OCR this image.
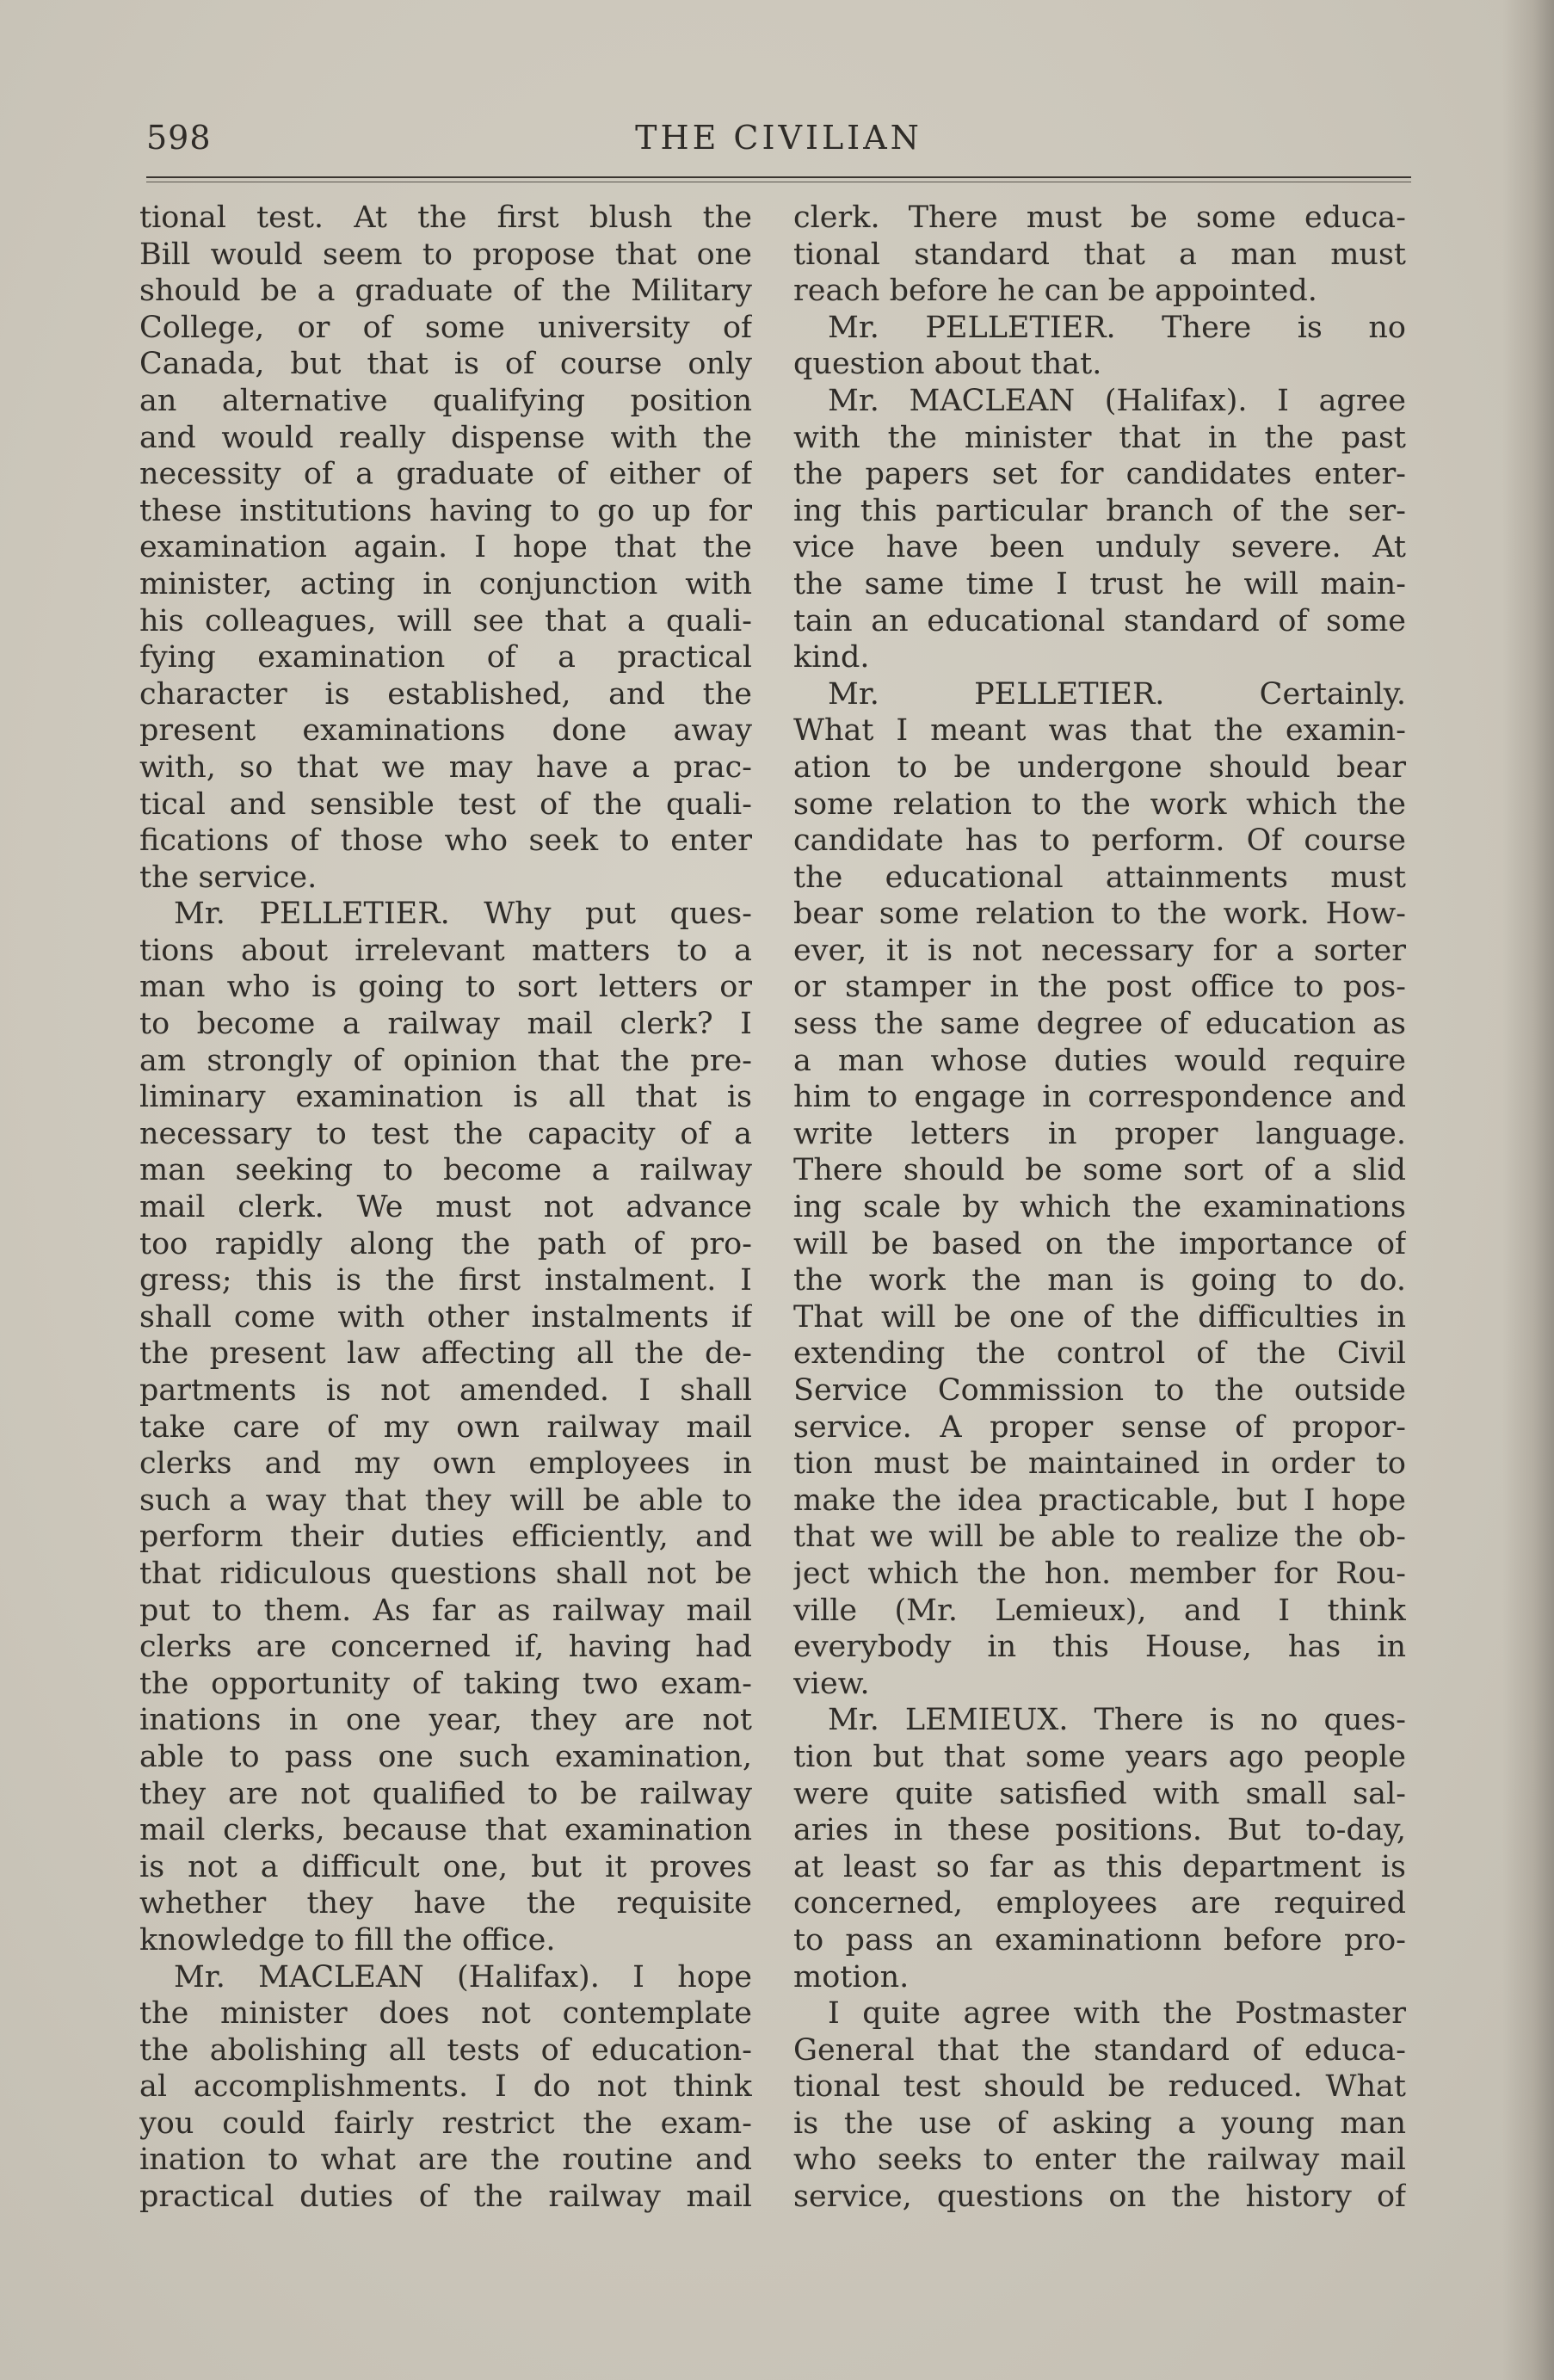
598	THE CIVILIAN
tional test. At the first blush the
Bill would seem to propose that one
should be a graduate of the Military
College, or of some university of
Canada, but that is of course only
an alternative qualifying position
and would really dispense with the
necessity of a graduate of either of
these institutions having to go up for
examination again. I hope that the
minister, acting in conjunction with
his colleagues, will see that a quali-
fying examination of a practical
character is established, and the
present examinations done away
with, so that we may have a prac-
tical and sensible test of the quali-
fications of those who seek to enter
the service.
Mr. PELLETIER. Why put ques-
tions about irrelevant matters to a
man who is going to sort letters or
to become a railway mail clerk? I
am strongly of opinion that the pre-
liminary examination is all that is
necessary to test the capacity of a
man seeking to become a railway
mail clerk. We must not advance
too rapidly along the path of pro-
gress; this is the first instalment. I
shall come with other instalments if
the present law affecting all the de-
partments is not amended. I shall
take care of my own railway mail
clerks and my own employees in
such a way that they will be able to
perform their duties efficiently, and
that ridiculous questions shall not be
put to them. As far as railway mail
clerks are concerned if, having had
the opportunity of taking two exam-
inations in one year, they are not
able to pass one such examination,
they are not qualified to be railway
mail clerks, because that examination
is not a difficult one, but it proves
whether they have the requisite
knowledge to fill the office.
Mr. MACLEAN (Halifax). I hope
the minister does not contemplate
the abolishing all tests of education-
al accomplishments. I do not think
you could fairly restrict the exam-
ination to what are the routine and
practical duties of the railway mail
clerk. There must be some educa-
tional standard that a man must
reach before he can be appointed.
Mr. PELLETIER. There is no
question about that.
Mr. MACLEAN (Halifax). I agree
with the minister that in the past
the papers set for candidates enter-
ing this particular branch of the ser-
vice have been unduly severe. At
the same time I trust he will main-
tain an educational standard of some
kind.
Mr. PELLETIER. Certainly.
What I meant was that the examin-
ation to be undergone should bear
some relation to the work which the
candidate has to perform. Of course
the educational attainments must
bear some relation to the work. How-
ever, it is not necessary for a sorter
or stamper in the post office to pos-
sess the same degree of education as
a man whose duties would require
him to engage in correspondence and
write letters in proper language.
There should be some sort of a slid
ing scale by which the examinations
will be based on the importance of
the work the man is going to do.
That will be one of the difficulties in
extending the control of the Civil
Service Commission to the outside
service. A proper sense of propor-
tion must be maintained in order to
make the idea practicable, but I hope
that we will be able to realize the ob-
ject which the hon. member for Rou-
ville (Mr. Lemieux), and I think
everybody in this House, has in
view.
Mr. LEMIEUX. There is no ques-
tion but that some years ago people
were quite satisfied with small sal-
aries in these positions. But to-day,
at least so far as this department is
concerned, employees are required
to pass an examinationn before pro-
motion.
I quite agree with the Postmaster
General that the standard of educa-
tional test should be reduced. What
is the use of asking a young man
who seeks to enter the railway mail
service, questions on the history of
